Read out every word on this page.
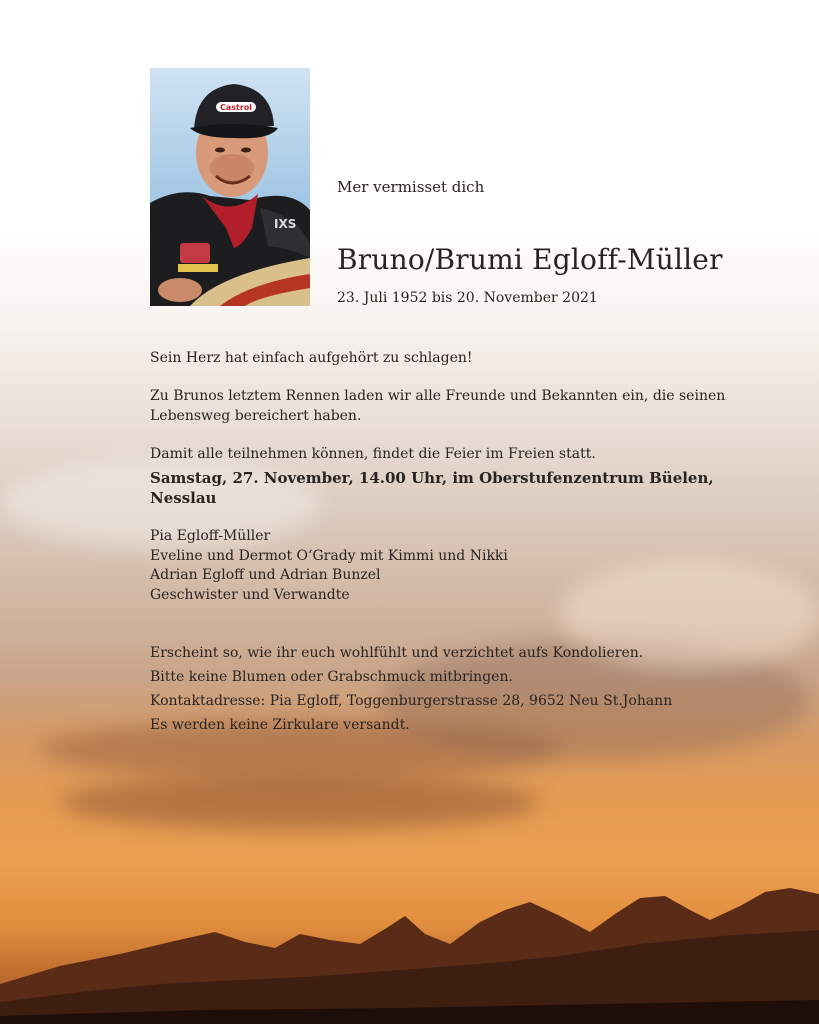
Castrol
IXS
Mer vermisset dich
Bruno/Brumi Egloff-Müller
23. Juli 1952 bis 20. November 2021
Sein Herz hat einfach aufgehört zu schlagen!
Zu Brunos letztem Rennen laden wir alle Freunde und Bekannten ein, die seinen Lebensweg bereichert haben.
Damit alle teilnehmen können, findet die Feier im Freien statt.
Samstag, 27. November, 14.00 Uhr, im Oberstufenzentrum Büelen, Nesslau
Pia Egloff-Müller
Eveline und Dermot O‘Grady mit Kimmi und Nikki
Adrian Egloff und Adrian Bunzel
Geschwister und Verwandte
Erscheint so, wie ihr euch wohlfühlt und verzichtet aufs Kondolieren.
Bitte keine Blumen oder Grabschmuck mitbringen.
Kontaktadresse: Pia Egloff, Toggenburgerstrasse 28, 9652 Neu St.Johann
Es werden keine Zirkulare versandt.
